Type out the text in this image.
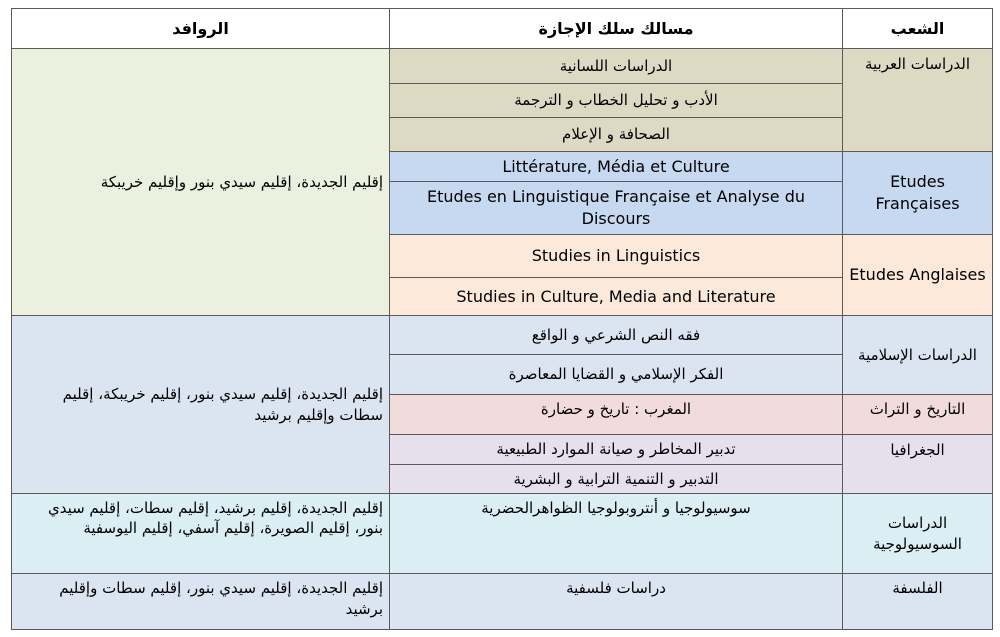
الروافد	مسالك سلك الإجازة	الشعب
إقليم الجديدة، إقليم سيدي بنور وإقليم خريبكة	الدراسات اللسانية	الدراسات العربية
	الأدب و تحليل الخطاب و الترجمة	
	الصحافة و الإعلام	
	Littérature, Média et Culture	Etudes Françaises
	Etudes en Linguistique Française et Analyse du Discours	
	Studies in Linguistics	Etudes Anglaises
	Studies in Culture, Media and Literature	
إقليم الجديدة، إقليم سيدي بنور، إقليم خريبكة، إقليم سطات وإقليم برشيد	فقه النص الشرعي و الواقع	الدراسات الإسلامية
	الفكر الإسلامي و القضايا المعاصرة	
	المغرب : تاريخ و حضارة	التاريخ و التراث
	تدبير المخاطر و صيانة الموارد الطبيعية	الجغرافيا
	التدبير و التنمية الترابية و البشرية	
إقليم الجديدة، إقليم برشيد، إقليم سطات، إقليم سيدي بنور، إقليم الصويرة، إقليم آسفي، إقليم اليوسفية	سوسيولوجيا و أنتروبولوجيا الظواهرالحضرية	الدراسات السوسيولوجية
إقليم الجديدة، إقليم سيدي بنور، إقليم سطات وإقليم برشيد	دراسات فلسفية	الفلسفة
